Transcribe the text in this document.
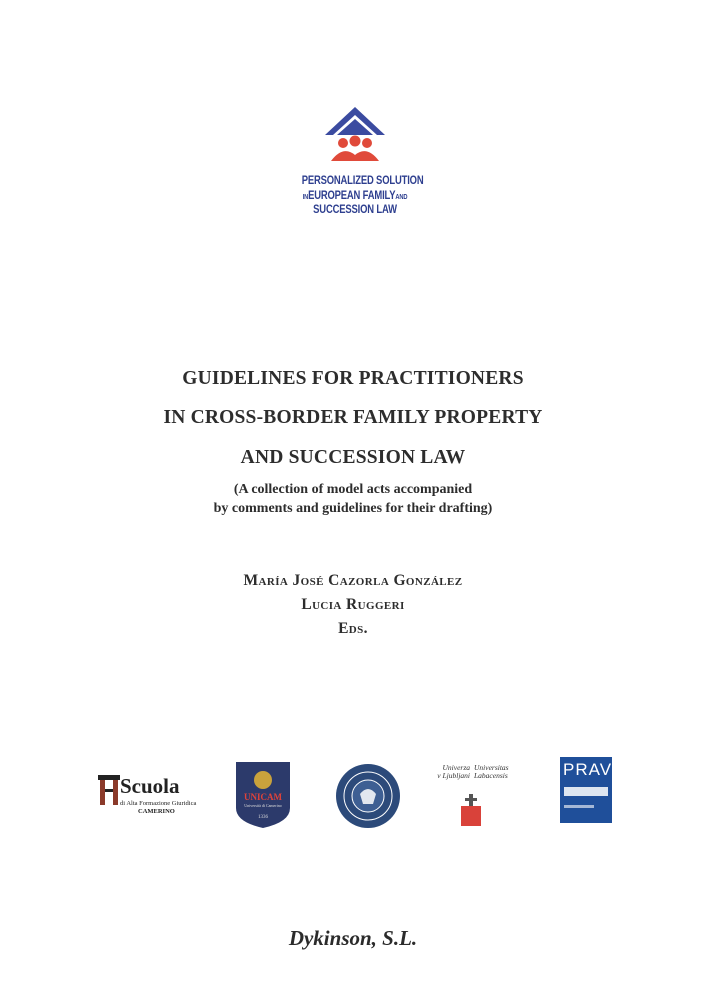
PERSONALIZED SOLUTION
INEUROPEAN FAMILYAND
SUCCESSION LAW
GUIDELINES FOR PRACTITIONERS
IN CROSS-BORDER FAMILY PROPERTY
AND SUCCESSION LAW
(A collection of model acts accompanied
by comments and guidelines for their drafting)
María José Cazorla González
Lucia Ruggeri
Eds.
Scuola
di Alta Formazione Giuridica
CAMERINO
UNICAM
Università di Camerino
1336
Univerza
v Ljubljani
Universitas
Labacensis	PRAVRI
Dykinson, S.L.
